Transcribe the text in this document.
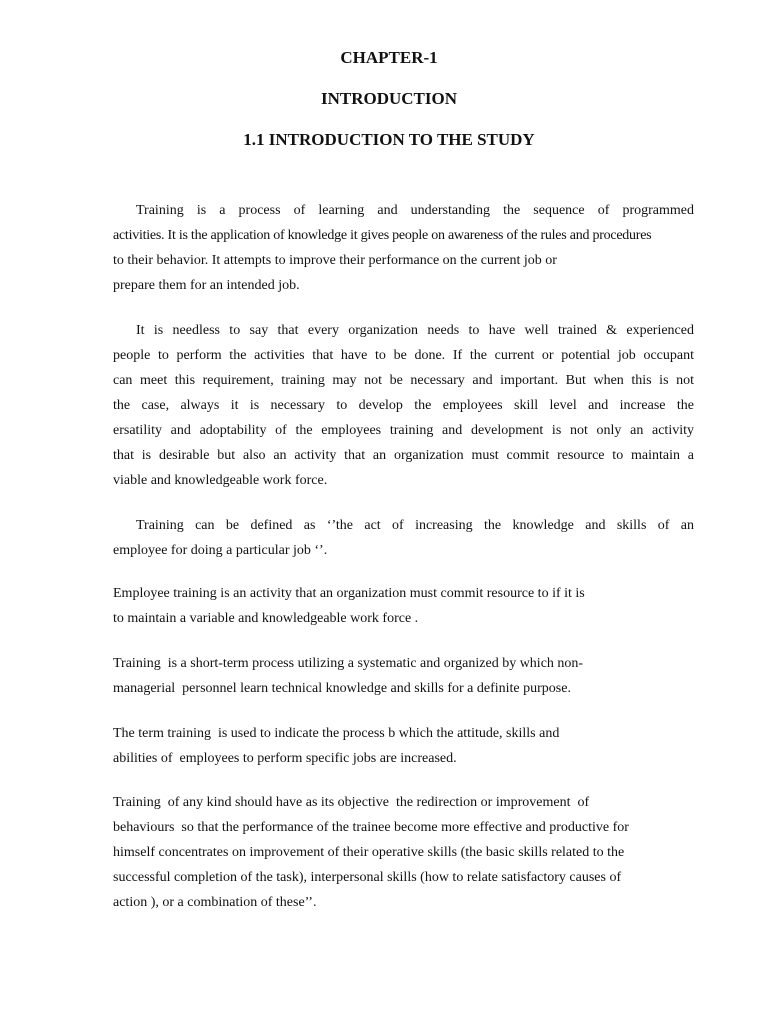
CHAPTER-1
INTRODUCTION
1.1 INTRODUCTION TO THE STUDY

Training is a process of learning and understanding the sequence of programmed
activities. It is the application of knowledge it gives people on awareness of the rules and procedures
to their behavior. It attempts to improve their performance on the current job or
prepare them for an intended job.

It is needless to say that every organization needs to have well trained & experienced
people to perform the activities that have to be done. If the current or potential job occupant
can meet this requirement, training may not be necessary and important. But when this is not
the case, always it is necessary to develop the employees skill level and increase the
ersatility and adoptability of the employees training and development is not only an activity
that is desirable but also an activity that an organization must commit resource to maintain a
viable and knowledgeable work force.

Training can be defined as ‘’the act of increasing the knowledge and skills of an
employee for doing a particular job ‘’.

Employee training is an activity that an organization must commit resource to if it is
to maintain a variable and knowledgeable work force .

Training  is a short-term process utilizing a systematic and organized by which non-
managerial  personnel learn technical knowledge and skills for a definite purpose.

The term training  is used to indicate the process b which the attitude, skills and
abilities of  employees to perform specific jobs are increased.

Training  of any kind should have as its objective  the redirection or improvement  of
behaviours  so that the performance of the trainee become more effective and productive for
himself concentrates on improvement of their operative skills (the basic skills related to the
successful completion of the task), interpersonal skills (how to relate satisfactory causes of
action ), or a combination of these’’.
